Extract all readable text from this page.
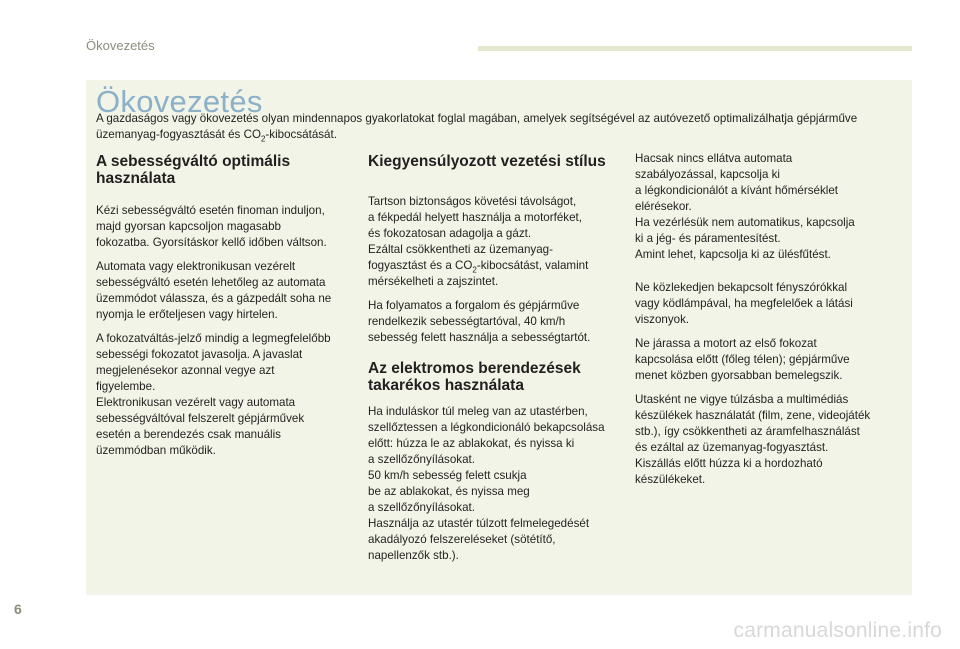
Ökovezetés
Ökovezetés
A gazdaságos vagy ökovezetés olyan mindennapos gyakorlatokat foglal magában, amelyek segítségével az autóvezető optimalizálhatja gépjárműve üzemanyag-fogyasztását és $CO_2$-kibocsátását.
A sebességváltó optimális
használata

Kézi sebességváltó esetén finoman induljon,
majd gyorsan kapcsoljon magasabb
fokozatba. Gyorsításkor kellő időben váltson.

Automata vagy elektronikusan vezérelt
sebességváltó esetén lehetőleg az automata
üzemmódot válassza, és a gázpedált soha ne
nyomja le erőteljesen vagy hirtelen.

A fokozatváltás-jelző mindig a legmegfelelőbb
sebességi fokozatot javasolja. A javaslat
megjelenésekor azonnal vegye azt
figyelembe.
Elektronikusan vezérelt vagy automata
sebességváltóval felszerelt gépjárművek
esetén a berendezés csak manuális
üzemmódban működik.

Kiegyensúlyozott vezetési stílus

Tartson biztonságos követési távolságot,
a fékpedál helyett használja a motorféket,
és fokozatosan adagolja a gázt.
Ezáltal csökkentheti az üzemanyag-
fogyasztást és a $CO_2$-kibocsátást, valamint
mérsékelheti a zajszintet.

Ha folyamatos a forgalom és gépjárműve
rendelkezik sebességtartóval, 40 km/h
sebesség felett használja a sebességtartót.

Az elektromos berendezések
takarékos használata

Ha induláskor túl meleg van az utastérben,
szellőztessen a légkondicionáló bekapcsolása
előtt: húzza le az ablakokat, és nyissa ki
a szellőzőnyílásokat.
50 km/h sebesség felett csukja
be az ablakokat, és nyissa meg
a szellőzőnyílásokat.
Használja az utastér túlzott felmelegedését
akadályozó felszereléseket (sötétítő,
napellenzők stb.).

Hacsak nincs ellátva automata
szabályozással, kapcsolja ki
a légkondicionálót a kívánt hőmérséklet
elérésekor.
Ha vezérlésük nem automatikus, kapcsolja
ki a jég- és páramentesítést.
Amint lehet, kapcsolja ki az ülésfűtést.

Ne közlekedjen bekapcsolt fényszórókkal
vagy ködlámpával, ha megfelelőek a látási
viszonyok.

Ne járassa a motort az első fokozat
kapcsolása előtt (főleg télen); gépjárműve
menet közben gyorsabban bemelegszik.

Utasként ne vigye túlzásba a multimédiás
készülékek használatát (film, zene, videojáték
stb.), így csökkentheti az áramfelhasználást
és ezáltal az üzemanyag-fogyasztást.
Kiszállás előtt húzza ki a hordozható
készülékeket.

6
carmanualsonline.info
